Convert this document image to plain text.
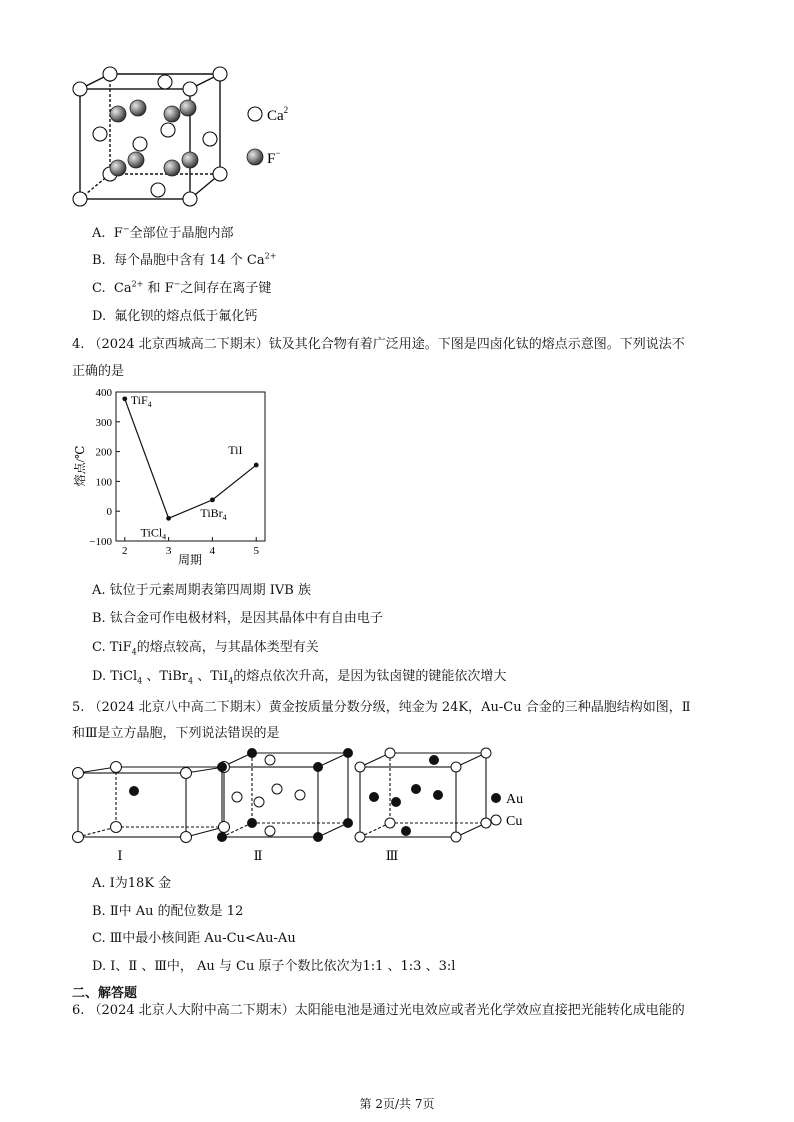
Ca$^2$
F−
A. F−全部位于晶胞内部
B. 每个晶胞中含有 14 个 $Ca^{2+}$
C. $Ca^{2+}$ 和 F−之间存在离子键
D. 氟化钡的熔点低于氟化钙
4. （2024 北京西城高二下期末）钛及其化合物有着广泛用途。下图是四卤化钛的熔点示意图。下列说法不
正确的是
400
300
200
100
0
−100
2	3	4	5
TiF$_4$
TiCl$_4$
TiBr$_4$
TiI
熔点/℃
周期
A. 钛位于元素周期表第四周期 IVB 族
B. 钛合金可作电极材料，是因其晶体中有自由电子
C. TiF$_4$的熔点较高，与其晶体类型有关
D. TiCl$_4$ 、TiBr$_4$ 、TiI$_4$的熔点依次升高，是因为钛卤键的键能依次增大
5. （2024 北京八中高二下期末）黄金按质量分数分级，纯金为 24K，Au-Cu 合金的三种晶胞结构如图，Ⅱ
和Ⅲ是立方晶胞，下列说法错误的是
Ⅰ	Ⅱ	Ⅲ
Au
Cu
A. Ⅰ为18K 金
B. Ⅱ中 Au 的配位数是 12
C. Ⅲ中最小核间距 Au-Cu<Au-Au
D. Ⅰ、Ⅱ 、Ⅲ中， Au 与 Cu 原子个数比依次为1:1 、1:3 、3:l
二、解答题
6. （2024 北京人大附中高二下期末）太阳能电池是通过光电效应或者光化学效应直接把光能转化成电能的
第 2页/共 7页
